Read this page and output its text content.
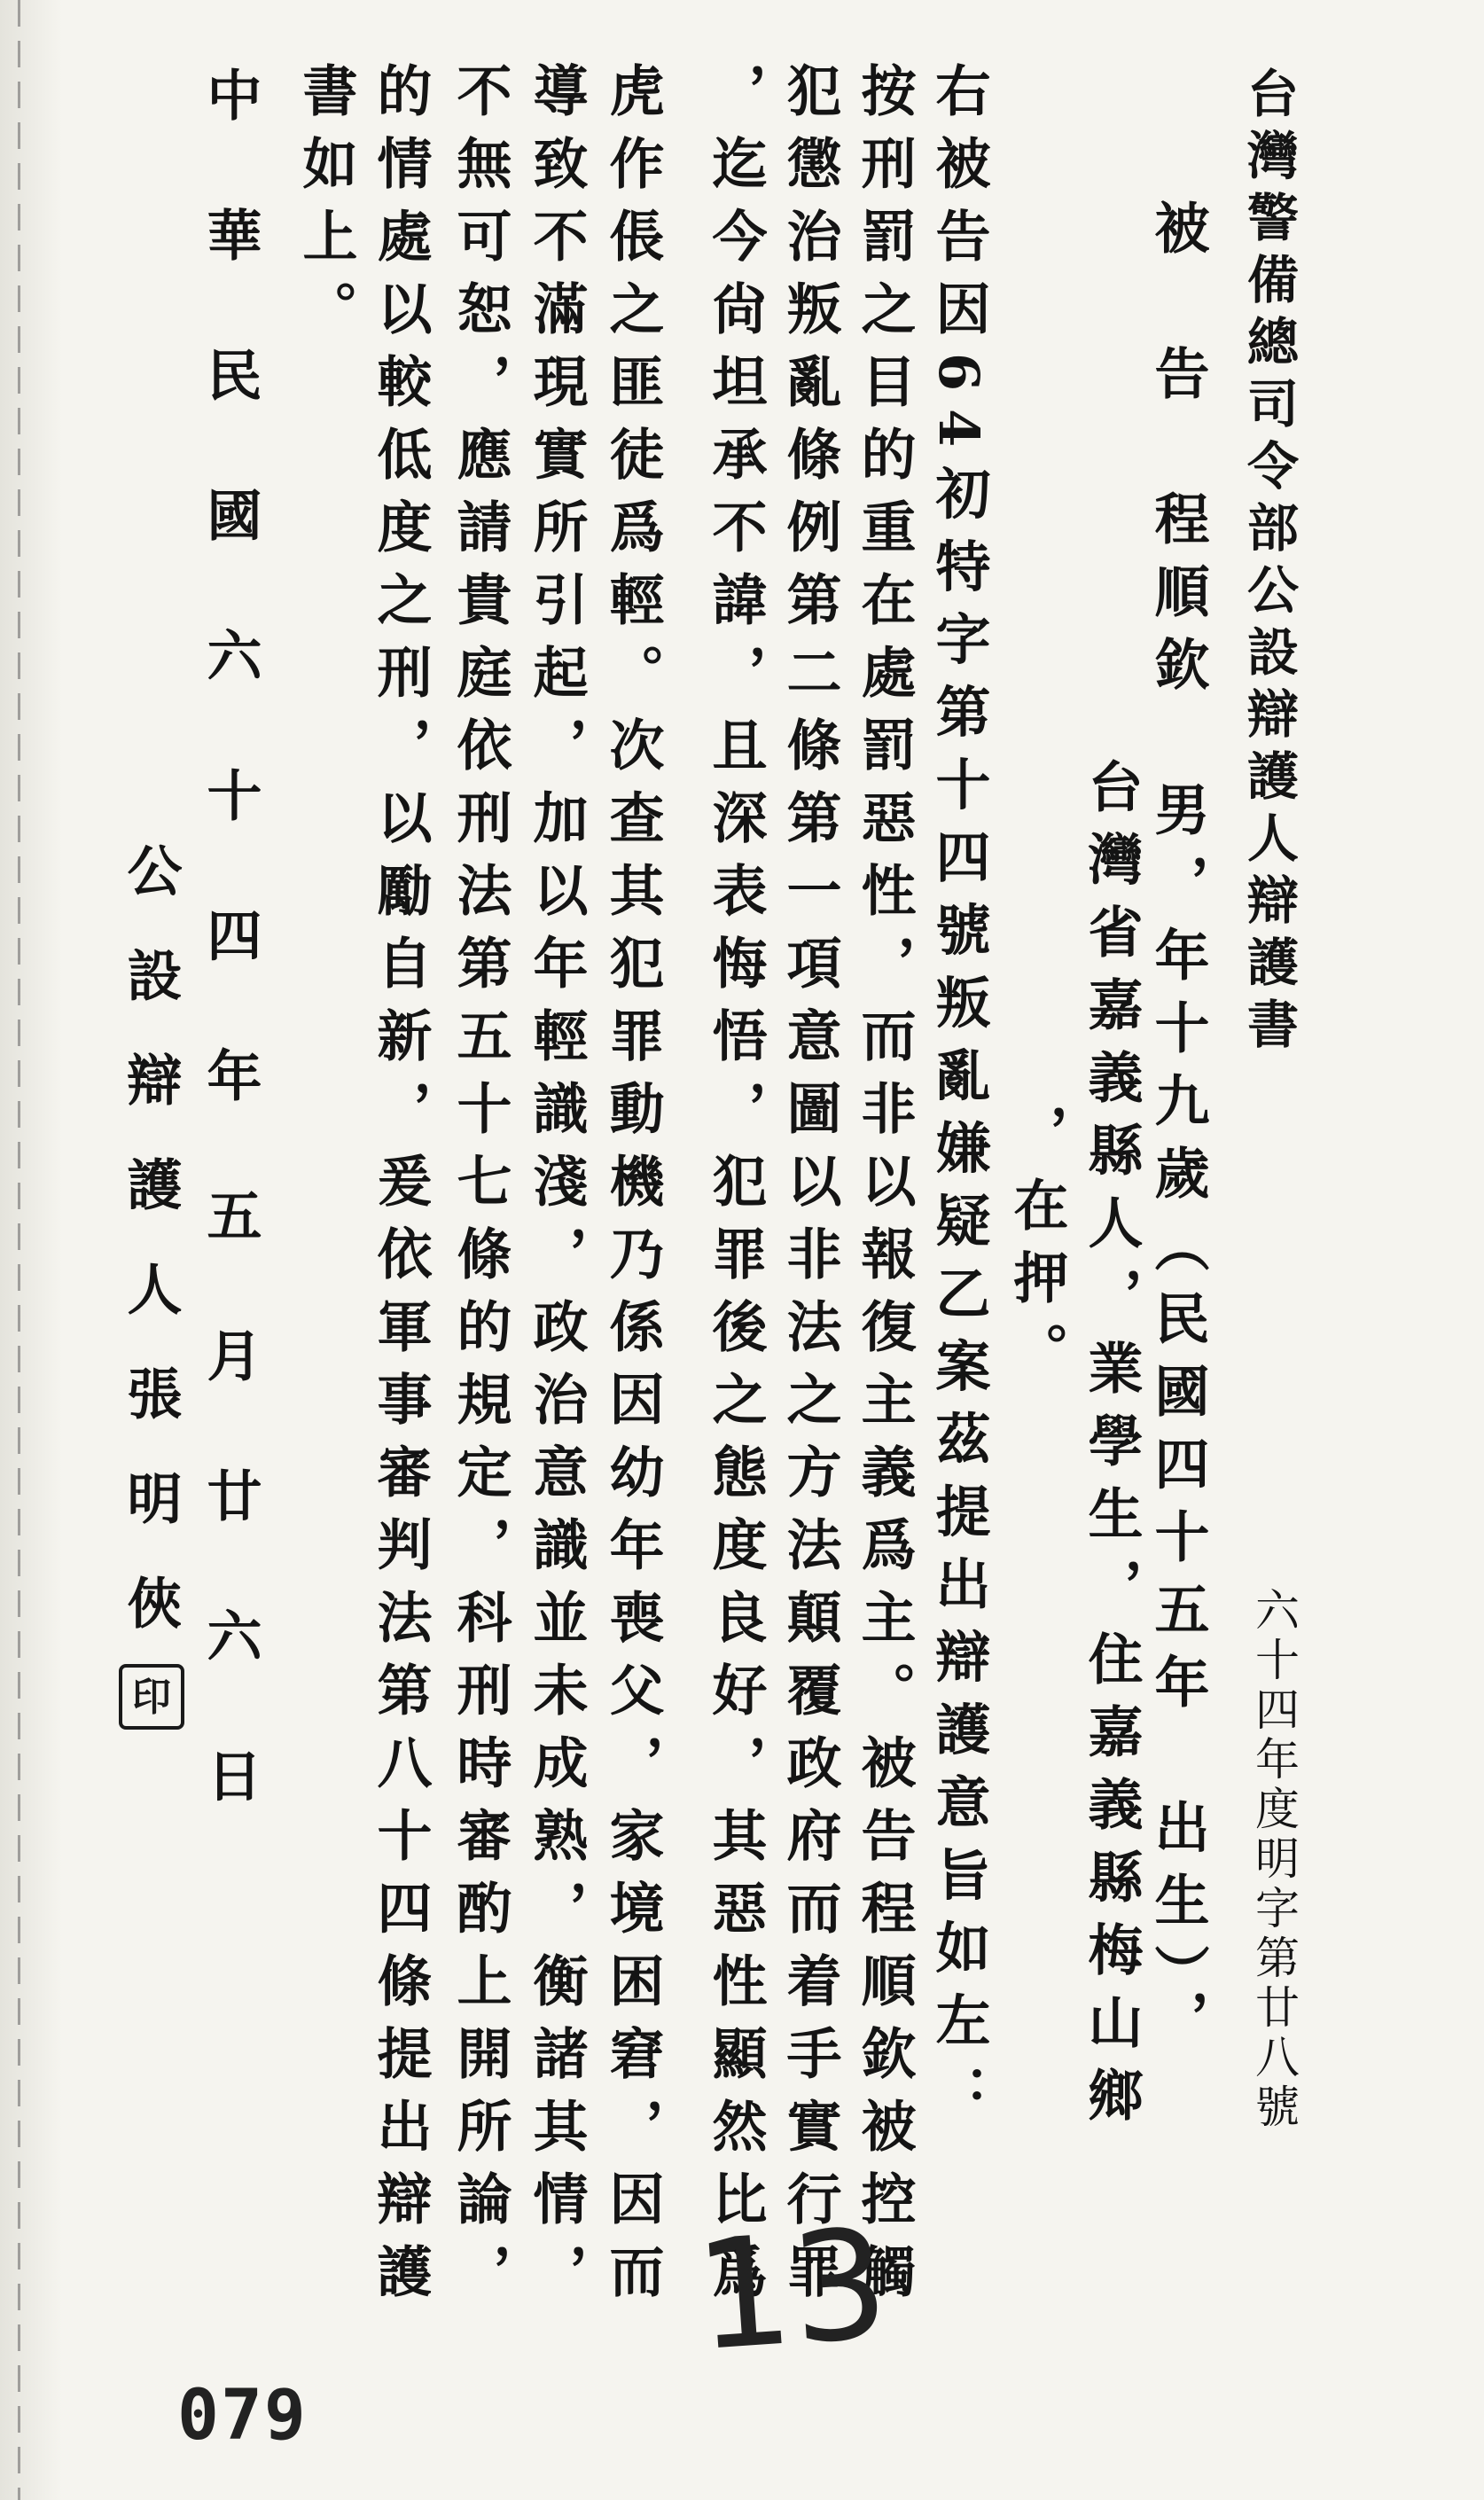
台灣警備總司令部公設辯護人辯護書
六十四年度明字第廿八號
被　告　程順欽　男，年十九歲（民國四十五年　出生），
台灣省嘉義縣人，業學生，住嘉義縣梅山鄉
，在押。
右被告因64初特字第十四號叛亂嫌疑乙案茲提出辯護意旨如左：
按刑罰之目的重在處罰惡性，而非以報復主義爲主。被告程順欽被控觸
犯懲治叛亂條例第二條第一項意圖以非法之方法顛覆政府而着手實行罪
，迄今尙坦承不諱，且深表悔悟，犯罪後之態度良好，其惡性顯然比爲
虎作倀之匪徒爲輕。次查其犯罪動機乃係因幼年喪父，家境困窘，因而
導致不滿現實所引起，加以年輕識淺，政治意識並未成熟，衡諸其情，
不無可恕，應請貴庭依刑法第五十七條的規定，科刑時審酌上開所論，
的情處以較低度之刑，以勵自新，爰依軍事審判法第八十四條提出辯護
書如上。
中華民國六十四年五月廿六日
公設辯護人張明俠
印
13
079
